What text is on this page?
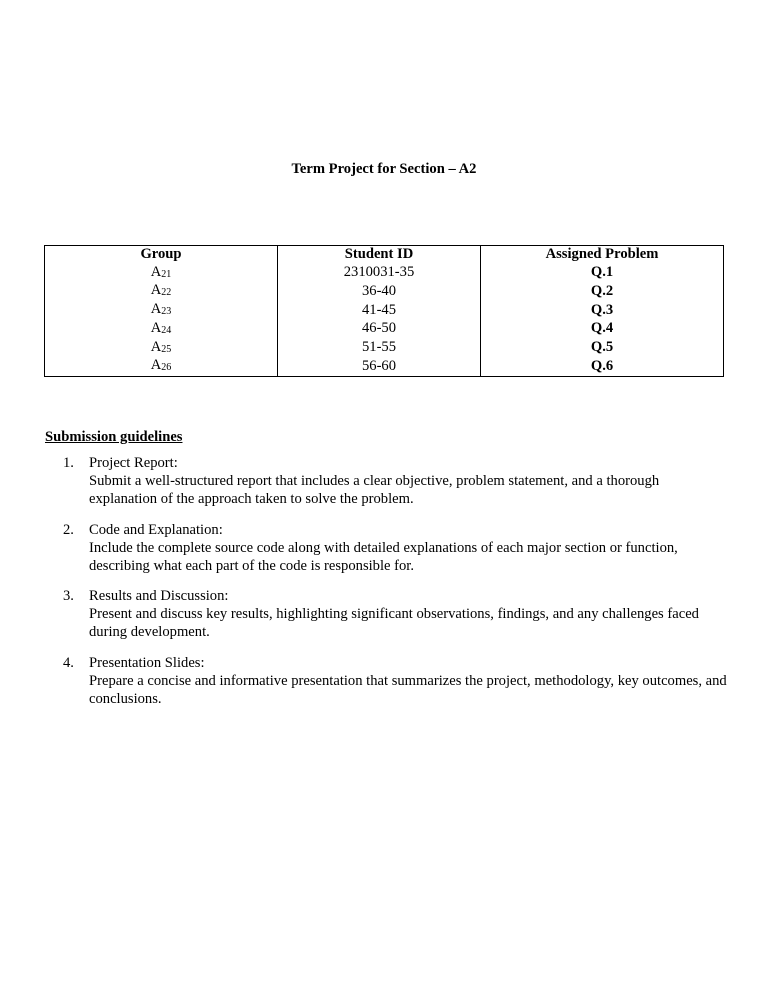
Term Project for Section – A2
Group	Student ID	Assigned Problem
A21	2310031-35	Q.1
A22	36-40	Q.2
A23	41-45	Q.3
A24	46-50	Q.4
A25	51-55	Q.5
A26	56-60	Q.6
Submission guidelines
1. Project Report:
Submit a well-structured report that includes a clear objective, problem statement, and a thorough explanation of the approach taken to solve the problem.
2. Code and Explanation:
Include the complete source code along with detailed explanations of each major section or function, describing what each part of the code is responsible for.
3. Results and Discussion:
Present and discuss key results, highlighting significant observations, findings, and any challenges faced during development.
4. Presentation Slides:
Prepare a concise and informative presentation that summarizes the project, methodology, key outcomes, and conclusions.
